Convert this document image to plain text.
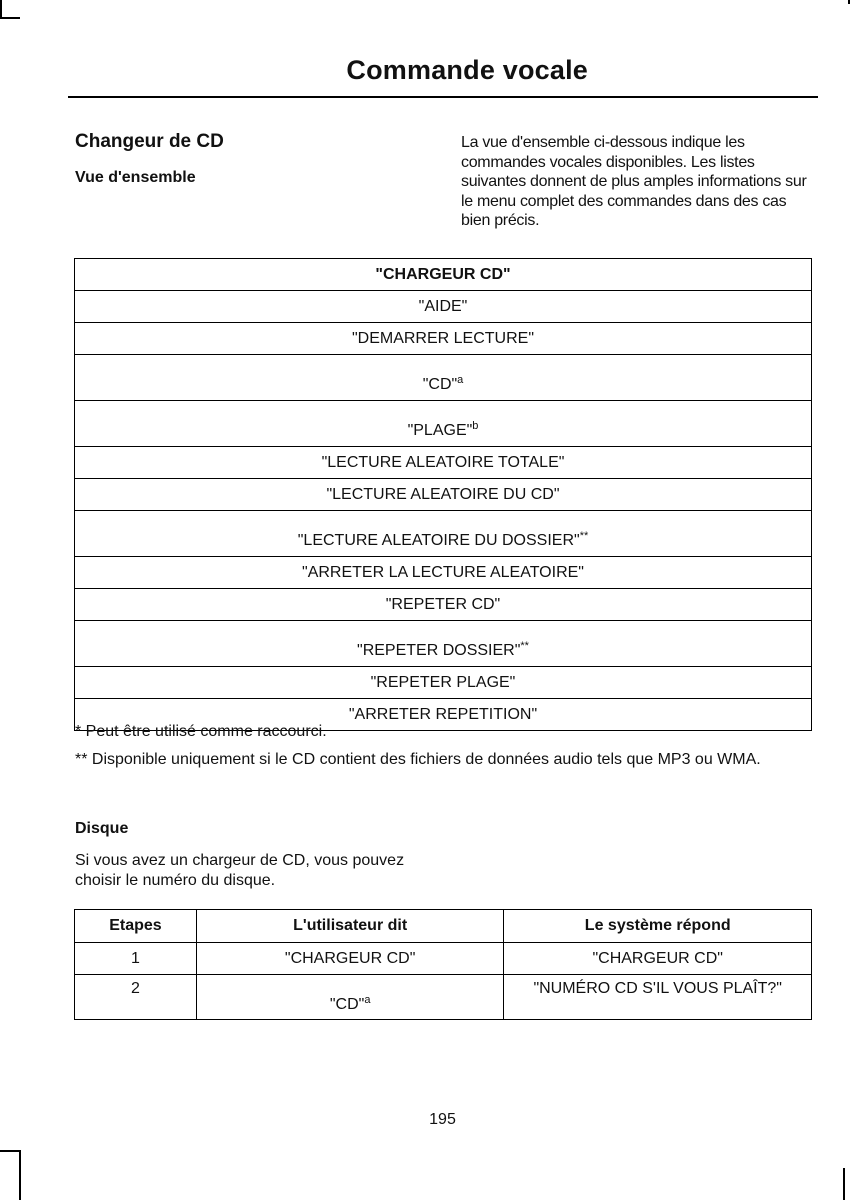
Commande vocale
Changeur de CD
Vue d'ensemble
La vue d'ensemble ci-dessous indique les commandes vocales disponibles. Les listes suivantes donnent de plus amples informations sur le menu complet des commandes dans des cas bien précis.
"CHARGEUR CD"
"AIDE"
"DEMARRER LECTURE"
"CD"$^a$
"PLAGE"$^b$
"LECTURE ALEATOIRE TOTALE"
"LECTURE ALEATOIRE DU CD"
"LECTURE ALEATOIRE DU DOSSIER"**
"ARRETER LA LECTURE ALEATOIRE"
"REPETER CD"
"REPETER DOSSIER"**
"REPETER PLAGE"
"ARRETER REPETITION"
* Peut être utilisé comme raccourci.
** Disponible uniquement si le CD contient des fichiers de données audio tels que MP3 ou WMA.
Disque
Si vous avez un chargeur de CD, vous pouvez choisir le numéro du disque.
Etapes	L'utilisateur dit	Le système répond
1	"CHARGEUR CD"	"CHARGEUR CD"
2	"CD"$^a$	"NUMÉRO CD S'IL VOUS PLAÎT?"
195
